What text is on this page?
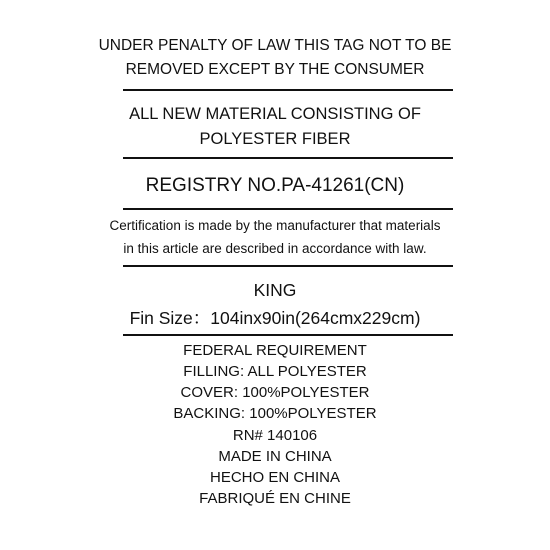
UNDER PENALTY OF LAW THIS TAG NOT TO BE
REMOVED EXCEPT BY THE CONSUMER
ALL NEW MATERIAL CONSISTING OF
POLYESTER FIBER
REGISTRY NO.PA-41261(CN)
Certification is made by the manufacturer that materials
in this article are described in accordance with law.
KING
Fin Size：104inx90in(264cmx229cm)
FEDERAL REQUIREMENT
FILLING: ALL POLYESTER
COVER: 100%POLYESTER
BACKING: 100%POLYESTER
RN# 140106
MADE IN CHINA
HECHO EN CHINA
FABRIQUÉ EN CHINE
